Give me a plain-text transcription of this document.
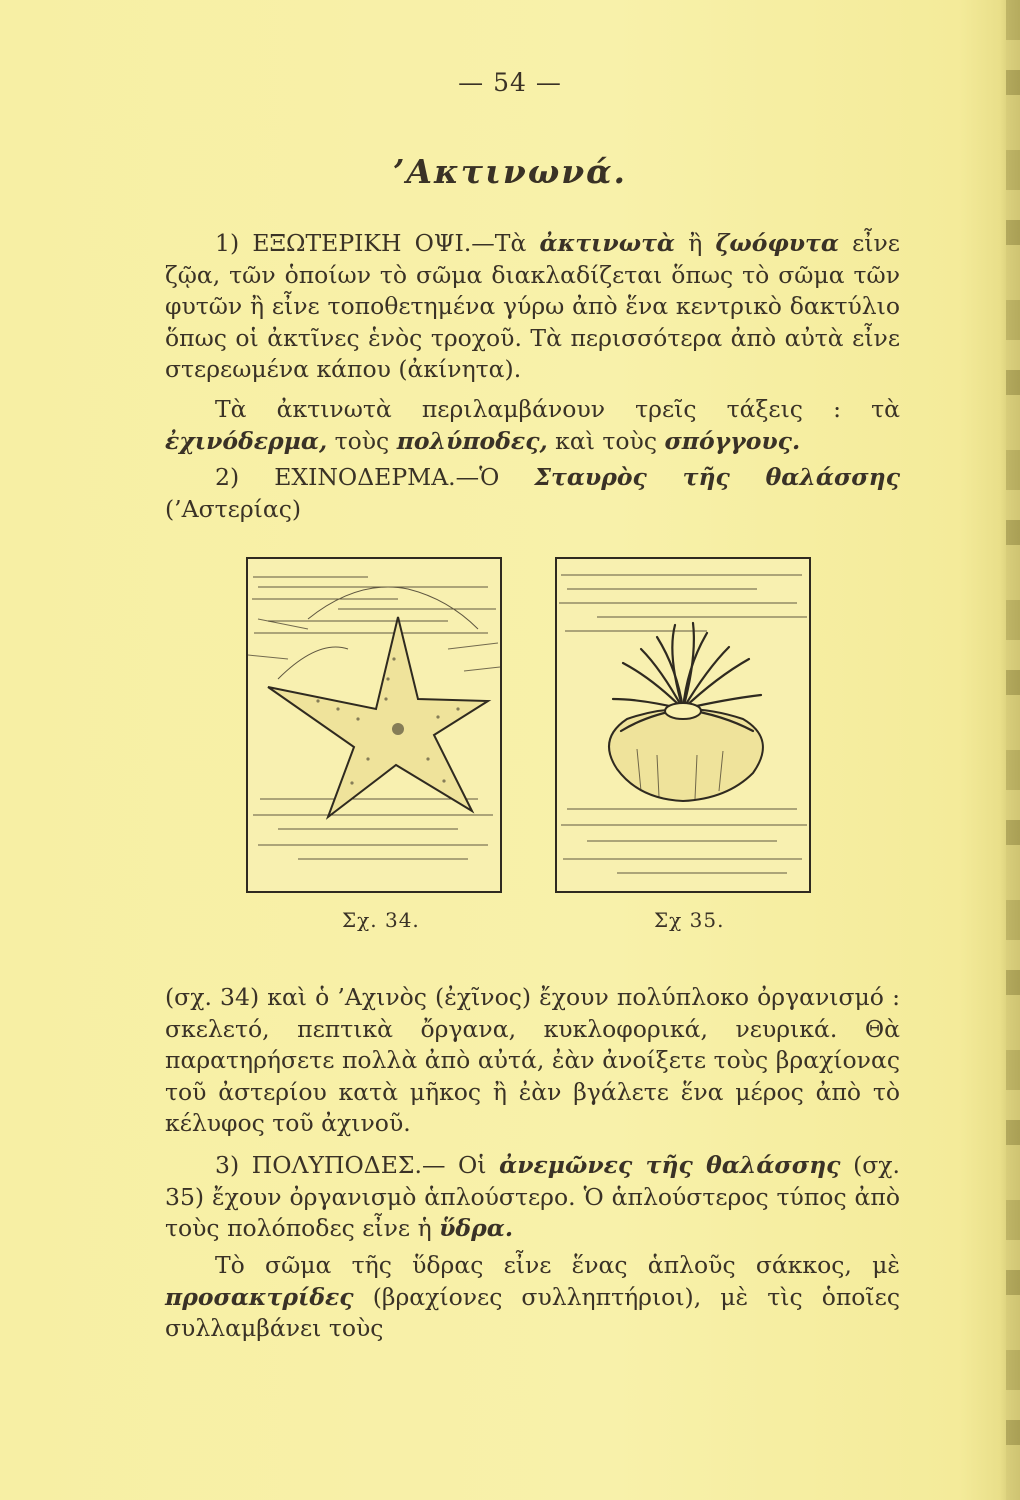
— 54 —
’Ακτινωνά.
1) ΕΞΩΤΕΡΙΚΗ ΟΨΙ.—Τὰ ἀκτινωτὰ ἢ ζωόφυτα εἶνε ζῷα, τῶν ὁποίων τὸ σῶμα διακλαδίζεται ὅπως τὸ σῶμα τῶν φυτῶν ἢ εἶνε τοποθετημένα γύρω ἀπὸ ἕνα κεντρικὸ δακτύλιο ὅπως οἱ ἀκτῖνες ἑνὸς τροχοῦ. Τὰ περισσότερα ἀπὸ αὐτὰ εἶνε στερεωμένα κάπου (ἀκίνητα).
Τὰ ἀκτινωτὰ περιλαμβάνουν τρεῖς τάξεις : τὰ ἐχινόδερμα, τοὺς πολύποδες, καὶ τοὺς σπόγγους.
2) ΕΧΙΝΟΔΕΡΜΑ.—Ὁ Σταυρὸς τῆς θαλάσσης (’Αστερίας)
Σχ. 34.	Σχ 35.
(σχ. 34) καὶ ὁ ’Αχινὸς (ἐχῖνος) ἔχουν πολύπλοκο ὀργανισμό : σκελετό, πεπτικὰ ὄργανα, κυκλοφορικά, νευρικά. Θὰ παρατηρήσετε πολλὰ ἀπὸ αὐτά, ἐὰν ἀνοίξετε τοὺς βραχίονας τοῦ ἀστερίου κατὰ μῆκος ἢ ἐὰν βγάλετε ἕνα μέρος ἀπὸ τὸ κέλυφος τοῦ ἀχινοῦ.
3) ΠΟΛΥΠΟΔΕΣ.— Οἱ ἀνεμῶνες τῆς θαλάσσης (σχ. 35) ἔχουν ὀργανισμὸ ἁπλούστερο. Ὁ ἁπλούστερος τύπος ἀπὸ τοὺς πολόποδες εἶνε ἡ ὕδρα.
Τὸ σῶμα τῆς ὕδρας εἶνε ἕνας ἁπλοῦς σάκκος, μὲ προσακτρίδες (βραχίονες συλληπτήριοι), μὲ τὶς ὁποῖες συλλαμβάνει τοὺς
